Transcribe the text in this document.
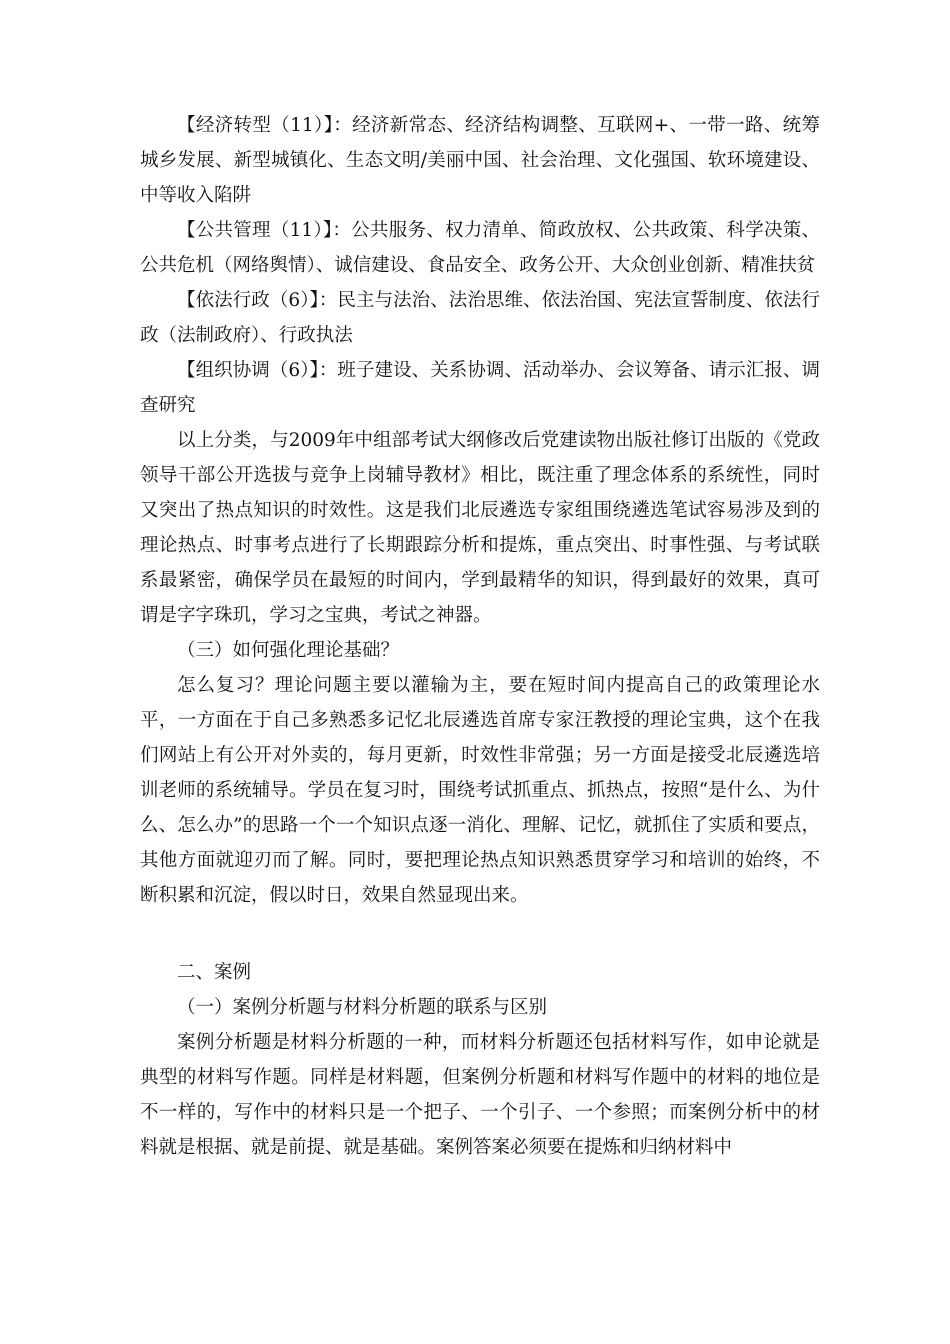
【经济转型（11）】：经济新常态、经济结构调整、互联网+、一带一路、统筹城乡发展、新型城镇化、生态文明/美丽中国、社会治理、文化强国、软环境建设、中等收入陷阱

【公共管理（11）】：公共服务、权力清单、简政放权、公共政策、科学决策、公共危机（网络舆情）、诚信建设、食品安全、政务公开、大众创业创新、精准扶贫

【依法行政（6）】：民主与法治、法治思维、依法治国、宪法宣誓制度、依法行政（法制政府）、行政执法

【组织协调（6）】：班子建设、关系协调、活动举办、会议筹备、请示汇报、调查研究

以上分类，与2009年中组部考试大纲修改后党建读物出版社修订出版的《党政领导干部公开选拔与竞争上岗辅导教材》相比，既注重了理念体系的系统性，同时又突出了热点知识的时效性。这是我们北辰遴选专家组围绕遴选笔试容易涉及到的理论热点、时事考点进行了长期跟踪分析和提炼，重点突出、时事性强、与考试联系最紧密，确保学员在最短的时间内，学到最精华的知识，得到最好的效果，真可谓是字字珠玑，学习之宝典，考试之神器。

（三）如何强化理论基础？

怎么复习？理论问题主要以灌输为主，要在短时间内提高自己的政策理论水平，一方面在于自己多熟悉多记忆北辰遴选首席专家汪教授的理论宝典，这个在我们网站上有公开对外卖的，每月更新，时效性非常强；另一方面是接受北辰遴选培训老师的系统辅导。学员在复习时，围绕考试抓重点、抓热点，按照“是什么、为什么、怎么办”的思路一个一个知识点逐一消化、理解、记忆，就抓住了实质和要点，其他方面就迎刃而了解。同时，要把理论热点知识熟悉贯穿学习和培训的始终，不断积累和沉淀，假以时日，效果自然显现出来。

二、案例

（一）案例分析题与材料分析题的联系与区别

案例分析题是材料分析题的一种，而材料分析题还包括材料写作，如申论就是典型的材料写作题。同样是材料题，但案例分析题和材料写作题中的材料的地位是不一样的，写作中的材料只是一个把子、一个引子、一个参照；而案例分析中的材料就是根据、就是前提、就是基础。案例答案必须要在提炼和归纳材料中
